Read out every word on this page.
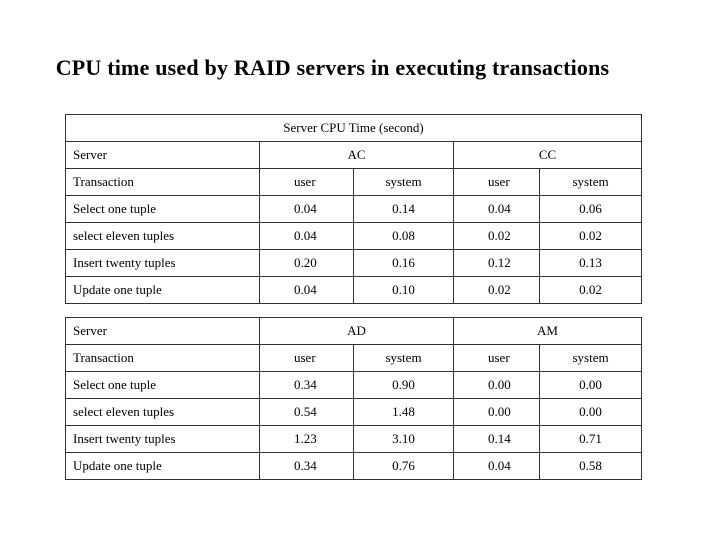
CPU time used by RAID servers in executing transactions
Server CPU Time (second)				
Server	AC		CC	
Transaction	user	system	user	system
Select one tuple	0.04	0.14	0.04	0.06
select eleven tuples	0.04	0.08	0.02	0.02
Insert twenty tuples	0.20	0.16	0.12	0.13
Update one tuple	0.04	0.10	0.02	0.02

Server	AD		AM	
Transaction	user	system	user	system
Select one tuple	0.34	0.90	0.00	0.00
select eleven tuples	0.54	1.48	0.00	0.00
Insert twenty tuples	1.23	3.10	0.14	0.71
Update one tuple	0.34	0.76	0.04	0.58
